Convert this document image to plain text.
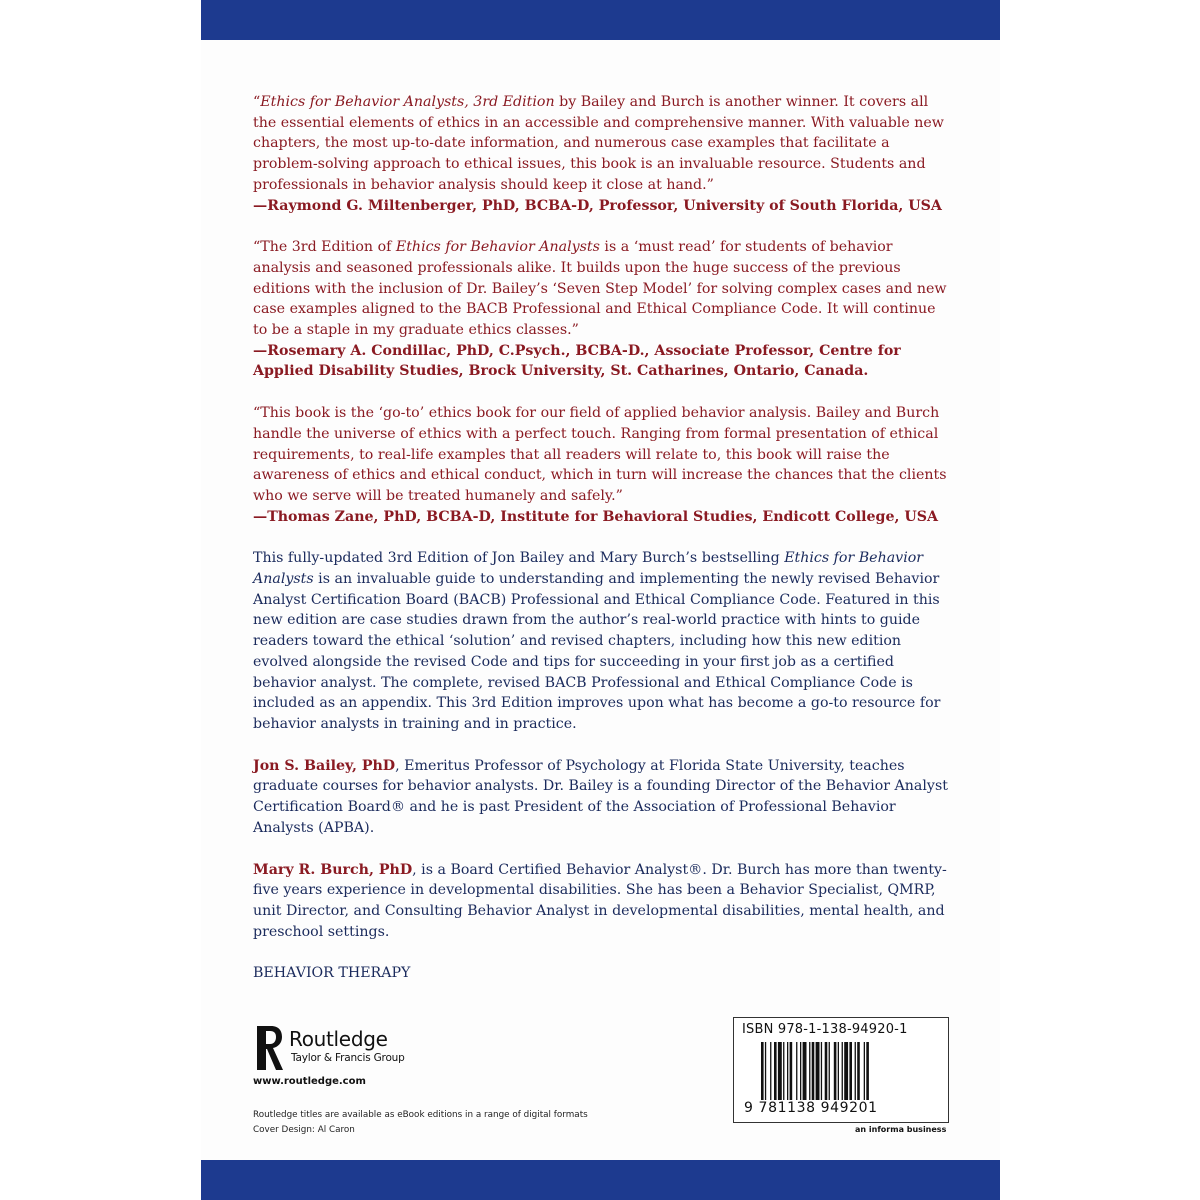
“Ethics for Behavior Analysts, 3rd Edition by Bailey and Burch is another winner. It covers all the essential elements of ethics in an accessible and comprehensive manner. With valuable new chapters, the most up-to-date information, and numerous case examples that facilitate a problem-solving approach to ethical issues, this book is an invaluable resource. Students and professionals in behavior analysis should keep it close at hand.”
—Raymond G. Miltenberger, PhD, BCBA-D, Professor, University of South Florida, USA
“The 3rd Edition of Ethics for Behavior Analysts is a ‘must read’ for students of behavior analysis and seasoned professionals alike. It builds upon the huge success of the previous editions with the inclusion of Dr. Bailey’s ‘Seven Step Model’ for solving complex cases and new case examples aligned to the BACB Professional and Ethical Compliance Code. It will continue to be a staple in my graduate ethics classes.”
—Rosemary A. Condillac, PhD, C.Psych., BCBA-D., Associate Professor, Centre for Applied Disability Studies, Brock University, St. Catharines, Ontario, Canada.
“This book is the ‘go-to’ ethics book for our field of applied behavior analysis. Bailey and Burch handle the universe of ethics with a perfect touch. Ranging from formal presentation of ethical requirements, to real-life examples that all readers will relate to, this book will raise the awareness of ethics and ethical conduct, which in turn will increase the chances that the clients who we serve will be treated humanely and safely.”
—Thomas Zane, PhD, BCBA-D, Institute for Behavioral Studies, Endicott College, USA
This fully-updated 3rd Edition of Jon Bailey and Mary Burch’s bestselling Ethics for Behavior Analysts is an invaluable guide to understanding and implementing the newly revised Behavior Analyst Certification Board (BACB) Professional and Ethical Compliance Code. Featured in this new edition are case studies drawn from the author’s real-world practice with hints to guide readers toward the ethical ‘solution’ and revised chapters, including how this new edition evolved alongside the revised Code and tips for succeeding in your first job as a certified behavior analyst. The complete, revised BACB Professional and Ethical Compliance Code is included as an appendix. This 3rd Edition improves upon what has become a go-to resource for behavior analysts in training and in practice.
Jon S. Bailey, PhD, Emeritus Professor of Psychology at Florida State University, teaches graduate courses for behavior analysts. Dr. Bailey is a founding Director of the Behavior Analyst Certification Board® and he is past President of the Association of Professional Behavior Analysts (APBA).
Mary R. Burch, PhD, is a Board Certified Behavior Analyst®. Dr. Burch has more than twenty-five years experience in developmental disabilities. She has been a Behavior Specialist, QMRP, unit Director, and Consulting Behavior Analyst in developmental disabilities, mental health, and preschool settings.
BEHAVIOR THERAPY
Routledge
Taylor & Francis Group
www.routledge.com
Routledge titles are available as eBook editions in a range of digital formats
Cover Design: Al Caron
ISBN 978-1-138-94920-1
9 781138 949201
an informa business
